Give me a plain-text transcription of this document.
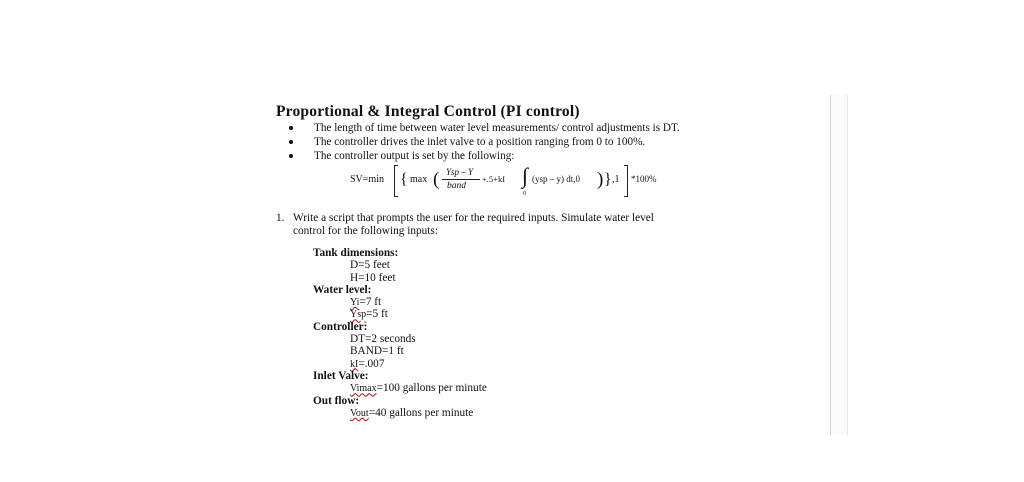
Proportional & Integral Control (PI control)
The length of time between water level measurements/ control adjustments is DT.
The controller drives the inlet valve to a position ranging from 0 to 100%.
The controller output is set by the following:
SV=min { max ( Ysp – Y
band
+.5+kI ∫
0
(ysp – y) dt,0 ) } ,1 *100%
1. Write a script that prompts the user for the required inputs. Simulate water level
control for the following inputs:
Tank dimensions:
D=5 feet
H=10 feet
Water level:
Yi=7 ft
Ysp=5 ft
Controller:
DT=2 seconds
BAND=1 ft
kI=.007
Inlet Valve:
Vimax=100 gallons per minute
Out flow:
Vout=40 gallons per minute
